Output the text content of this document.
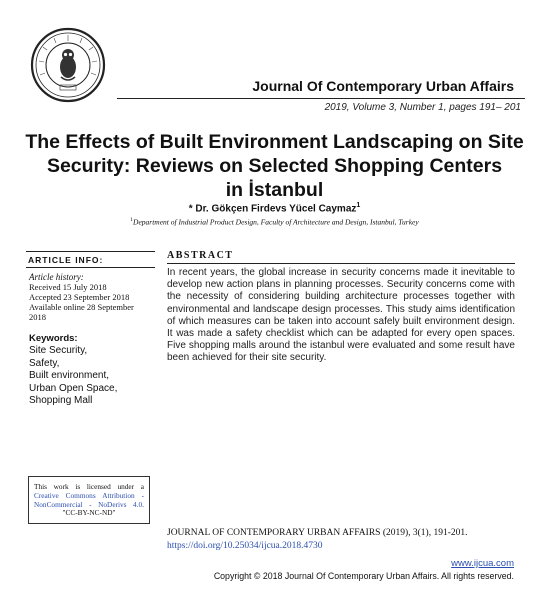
Journal Of Contemporary Urban Affairs
2019, Volume 3, Number 1, pages 191– 201
The Effects of Built Environment Landscaping on Site
Security: Reviews on Selected Shopping Centers
in İstanbul
* Dr. Gökçen Firdevs Yücel Caymaz$^1$
$^1$Department of Industrial Product Design, Faculty of Architecture and Design, Istanbul, Turkey
ARTICLE INFO:
Article history:
Received 15 July 2018
Accepted 23 September 2018
Available online 28 September
2018
Keywords:
Site Security,
Safety,
Built environment,
Urban Open Space,
Shopping Mall
ABSTRACT
In recent years, the global increase in security concerns made it inevitable to develop new action plans in planning processes. Security concerns come with the necessity of considering building architecture processes together with environmental and landscape design processes. This study aims identification of which measures can be taken into account safely built environment design. It was made a safety checklist which can be adapted for every open spaces. Five shopping malls around the istanbul were evaluated and some result have been achieved for their site security.
This work is licensed under a
Creative Commons Attribution -
NonCommercial - NoDerivs 4.0.
"CC-BY-NC-ND"
JOURNAL OF CONTEMPORARY URBAN AFFAIRS (2019), 3(1), 191-201.
https://doi.org/10.25034/ijcua.2018.4730
www.ijcua.com
Copyright © 2018 Journal Of Contemporary Urban Affairs. All rights reserved.
